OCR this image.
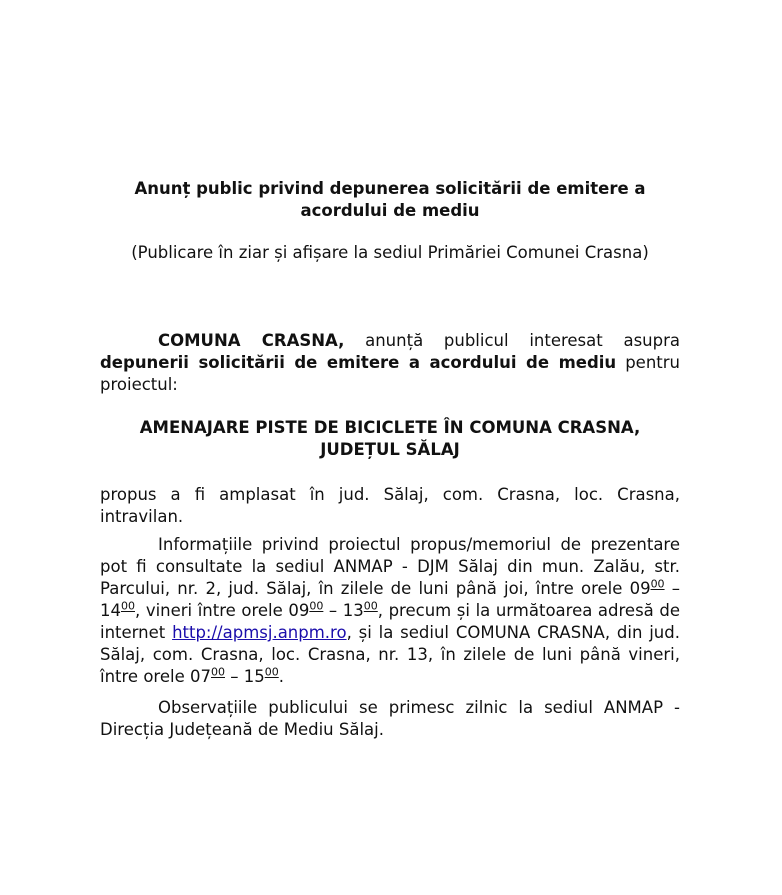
Anunț public privind depunerea solicitării de emitere a acordului de mediu
(Publicare în ziar și afișare la sediul Primăriei Comunei Crasna)

COMUNA CRASNA, anunță publicul interesat asupra depunerii solicitării de emitere a acordului de mediu pentru proiectul:

AMENAJARE PISTE DE BICICLETE ÎN COMUNA CRASNA, JUDEȚUL SĂLAJ

propus a fi amplasat în jud. Sălaj, com. Crasna, loc. Crasna, intravilan.

Informațiile privind proiectul propus/memoriul de prezentare pot fi consultate la sediul ANMAP - DJM Sălaj din mun. Zalău, str. Parcului, nr. 2, jud. Sălaj, în zilele de luni până joi, între orele $09^{00} - 14^{00}$, vineri între orele $09^{00} - 13^{00}$, precum și la următoarea adresă de internet http://apmsj.anpm.ro, și la sediul COMUNA CRASNA, din jud. Sălaj, com. Crasna, loc. Crasna, nr. 13, în zilele de luni până vineri, între orele $07^{00} - 15^{00}$.

Observațiile publicului se primesc zilnic la sediul ANMAP - Direcția Județeană de Mediu Sălaj.
